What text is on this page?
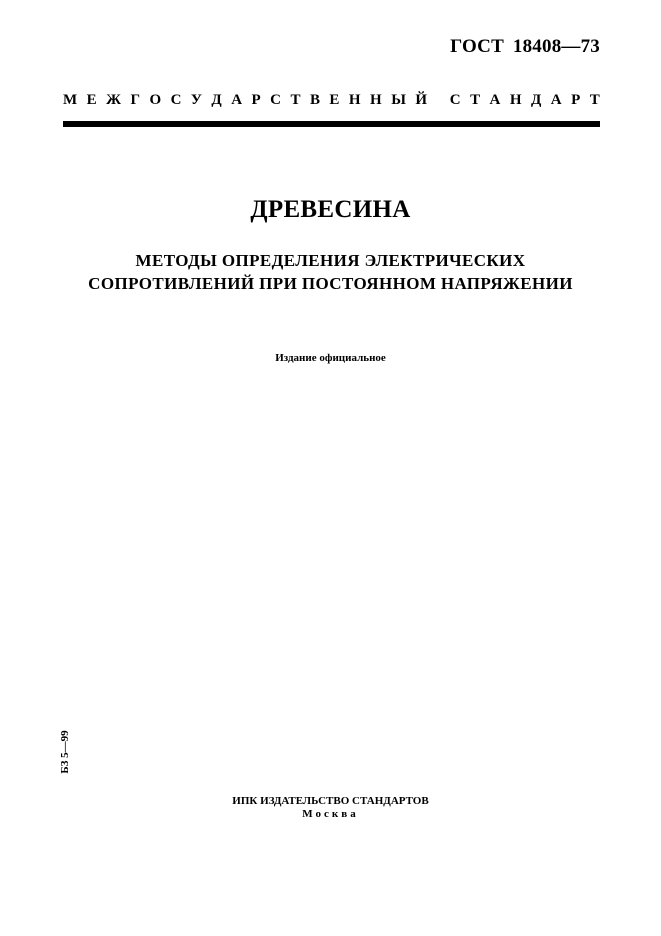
ГОСТ 18408—73
М Е Ж Г О С У Д А Р С Т В Е Н Н Ы Й
С Т А Н Д А Р Т
ДРЕВЕСИНА
МЕТОДЫ ОПРЕДЕЛЕНИЯ ЭЛЕКТРИЧЕСКИХ
СОПРОТИВЛЕНИЙ ПРИ ПОСТОЯННОМ НАПРЯЖЕНИИ
Издание официальное
БЗ 5—99
ИПК ИЗДАТЕЛЬСТВО СТАНДАРТОВ
Москва
